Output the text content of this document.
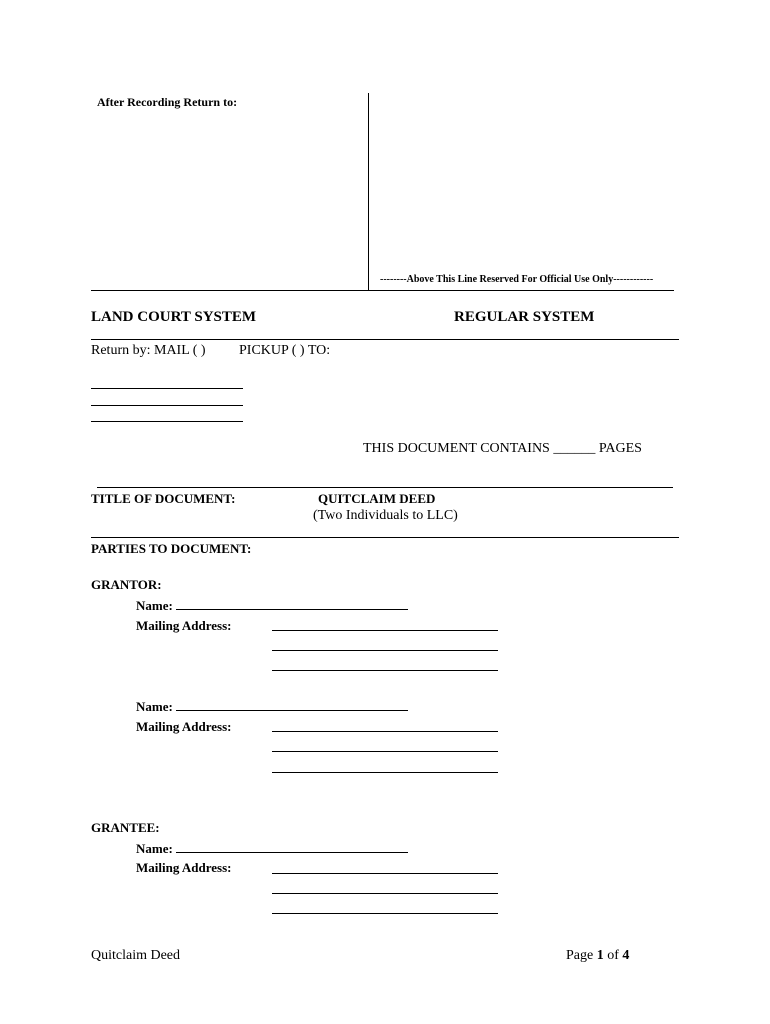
After Recording Return to:
--------Above This Line Reserved For Official Use Only------------
LAND COURT SYSTEM	REGULAR SYSTEM
Return by: MAIL ( ) PICKUP ( ) TO:
THIS DOCUMENT CONTAINS ______ PAGES
TITLE OF DOCUMENT:	QUITCLAIM DEED
(Two Individuals to LLC)
PARTIES TO DOCUMENT:
GRANTOR:
Name:
Mailing Address:
Name:
Mailing Address:
GRANTEE:
Name:
Mailing Address:
Quitclaim Deed	Page 1 of 4
